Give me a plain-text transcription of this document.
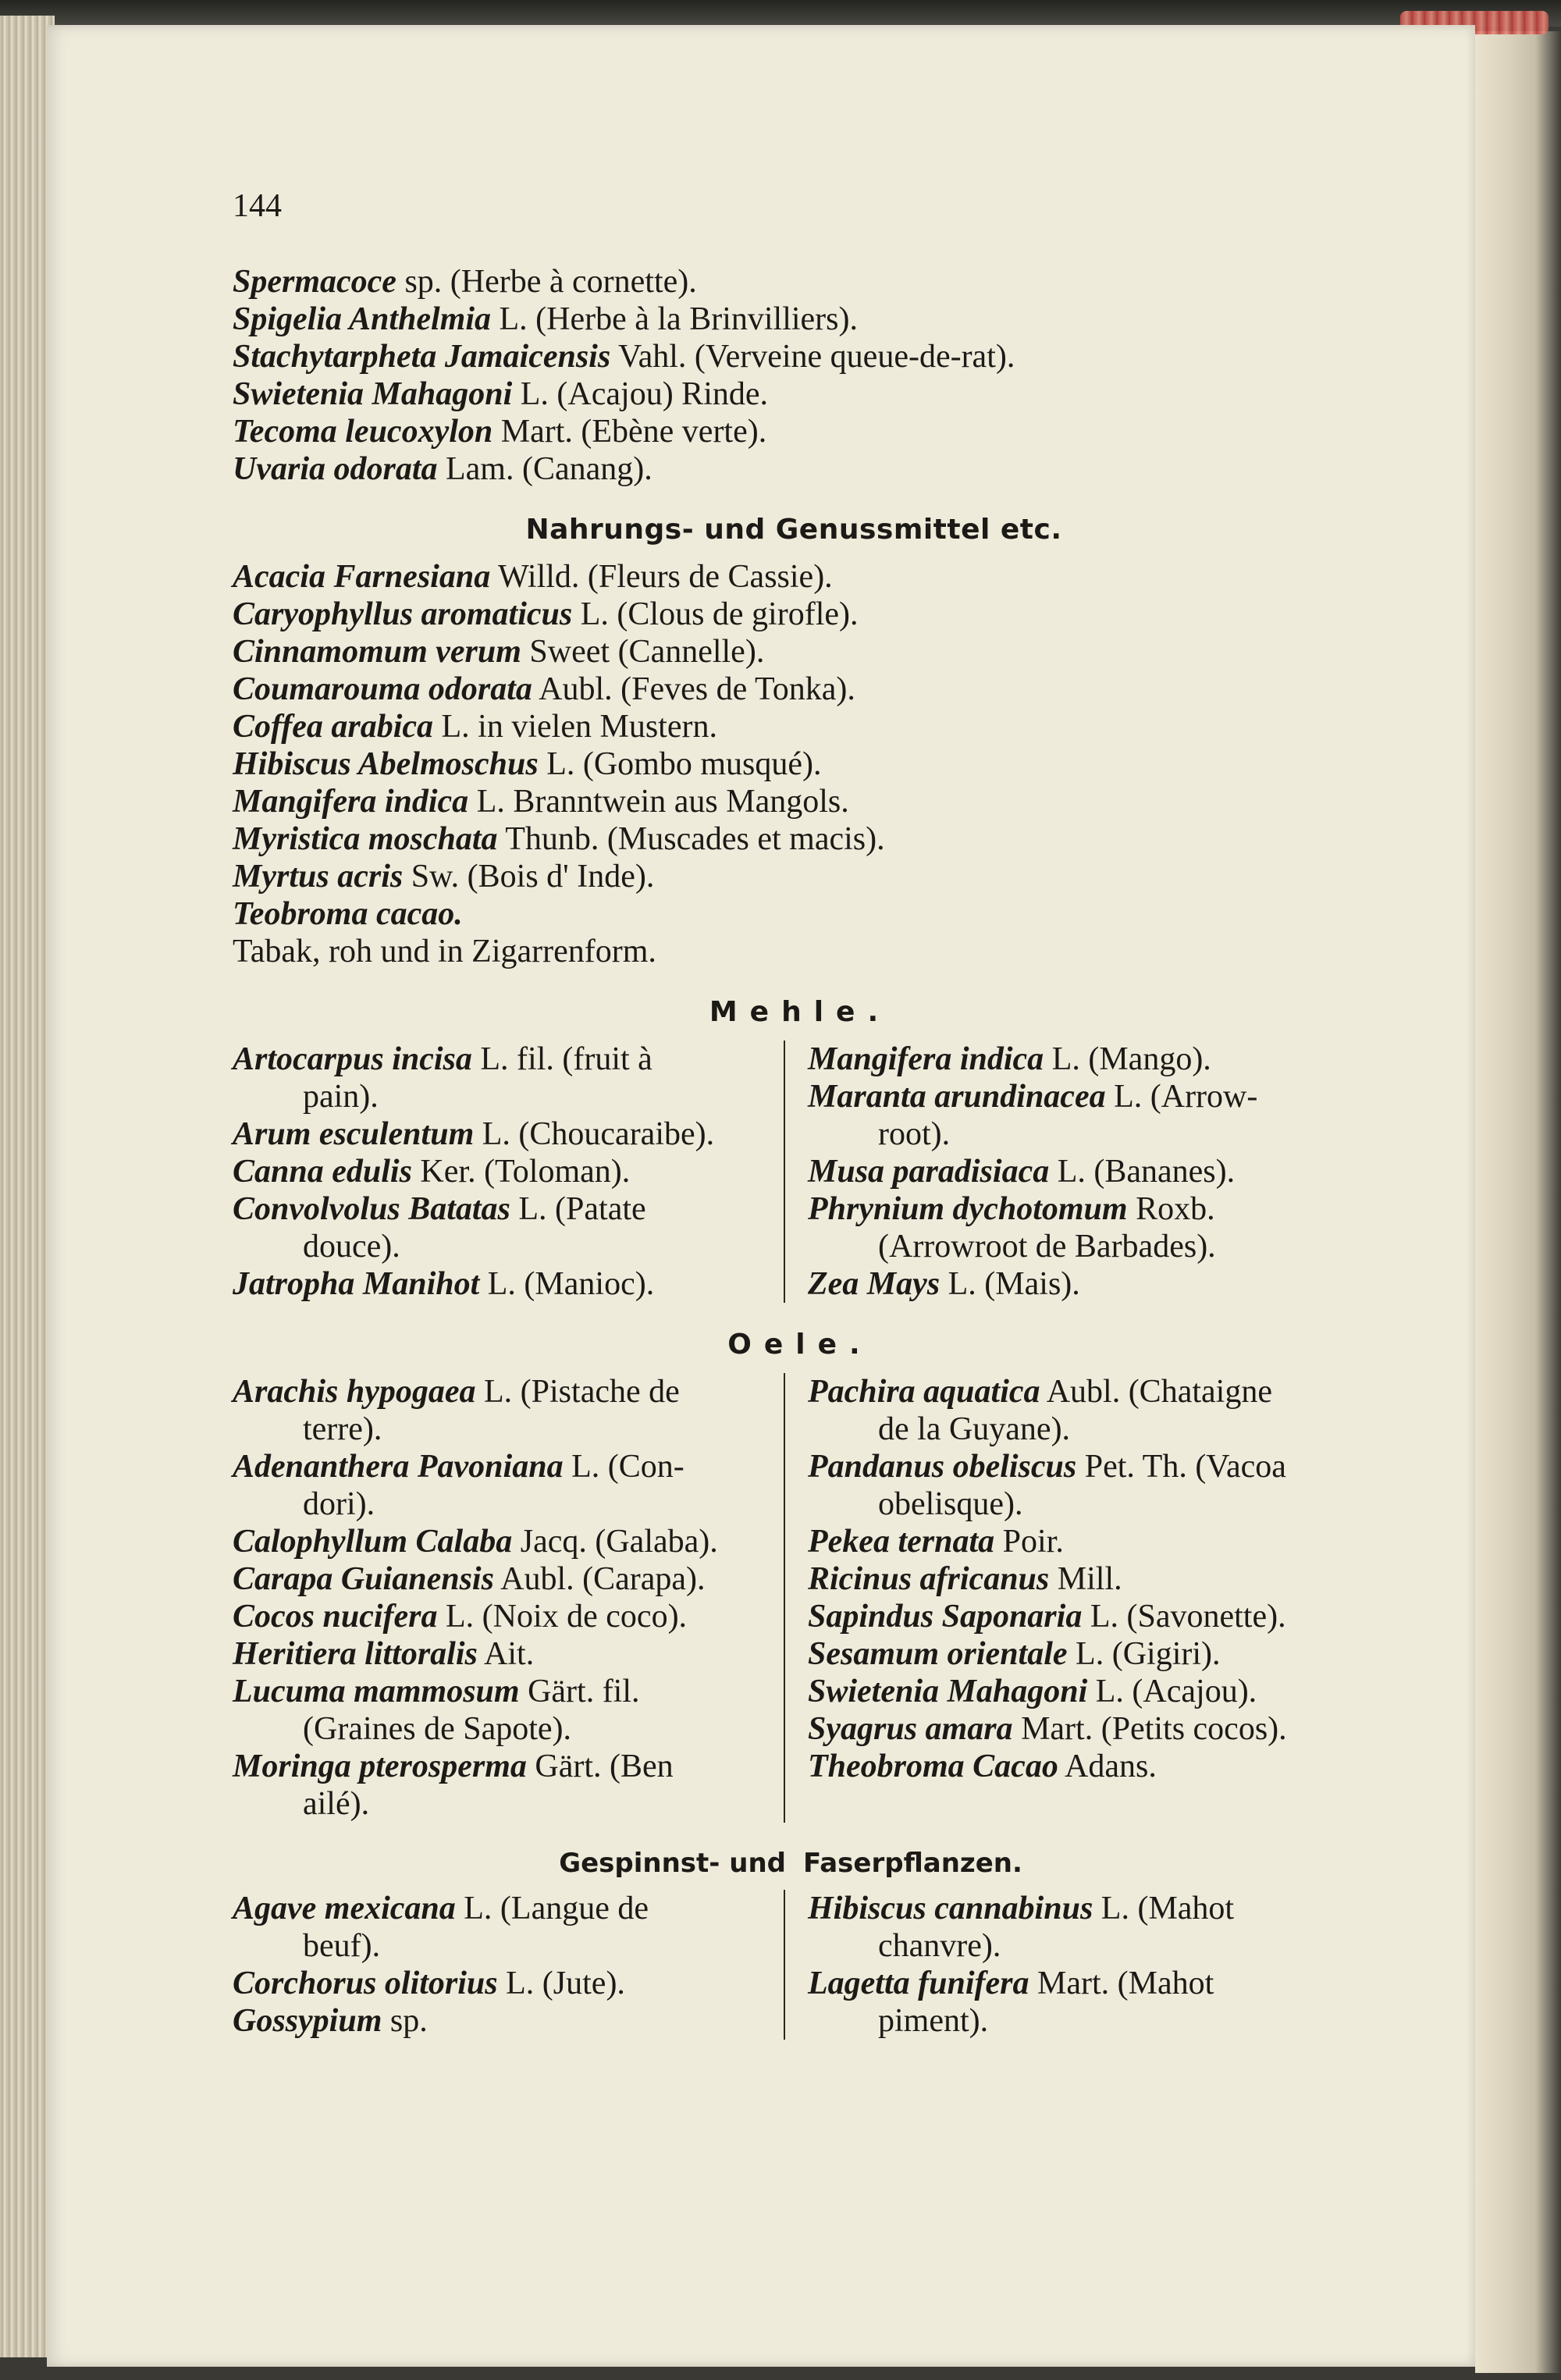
144
Spermacoce sp. (Herbe à cornette).
Spigelia Anthelmia L. (Herbe à la Brinvilliers).
Stachytarpheta Jamaicensis Vahl. (Verveine queue-de-rat).
Swietenia Mahagoni L. (Acajou) Rinde.
Tecoma leucoxylon Mart. (Ebène verte).
Uvaria odorata Lam. (Canang).
Nahrungs- und Genussmittel etc.
Acacia Farnesiana Willd. (Fleurs de Cassie).
Caryophyllus aromaticus L. (Clous de girofle).
Cinnamomum verum Sweet (Cannelle).
Coumarouma odorata Aubl. (Feves de Tonka).
Coffea arabica L. in vielen Mustern.
Hibiscus Abelmoschus L. (Gombo musqué).
Mangifera indica L. Branntwein aus Mangols.
Myristica moschata Thunb. (Muscades et macis).
Myrtus acris Sw. (Bois d' Inde).
Teobroma cacao.
Tabak, roh und in Zigarrenform.
Mehle.
Artocarpus incisa L. fil. (fruit à
pain).
Arum esculentum L. (Choucaraibe).
Canna edulis Ker. (Toloman).
Convolvolus Batatas L. (Patate
douce).
Jatropha Manihot L. (Manioc).
Mangifera indica L. (Mango).
Maranta arundinacea L. (Arrow-
root).
Musa paradisiaca L. (Bananes).
Phrynium dychotomum Roxb.
(Arrowroot de Barbades).
Zea Mays L. (Mais).
Oele.
Arachis hypogaea L. (Pistache de
terre).
Adenanthera Pavoniana L. (Con-
dori).
Calophyllum Calaba Jacq. (Galaba).
Carapa Guianensis Aubl. (Carapa).
Cocos nucifera L. (Noix de coco).
Heritiera littoralis Ait.
Lucuma mammosum Gärt. fil.
(Graines de Sapote).
Moringa pterosperma Gärt. (Ben
ailé).
Pachira aquatica Aubl. (Chataigne
de la Guyane).
Pandanus obeliscus Pet. Th. (Vacoa
obelisque).
Pekea ternata Poir.
Ricinus africanus Mill.
Sapindus Saponaria L. (Savonette).
Sesamum orientale L. (Gigiri).
Swietenia Mahagoni L. (Acajou).
Syagrus amara Mart. (Petits cocos).
Theobroma Cacao Adans.
Gespinnst- und Faserpflanzen.
Agave mexicana L. (Langue de
beuf).
Corchorus olitorius L. (Jute).
Gossypium sp.
Hibiscus cannabinus L. (Mahot
chanvre).
Lagetta funifera Mart. (Mahot
piment).
